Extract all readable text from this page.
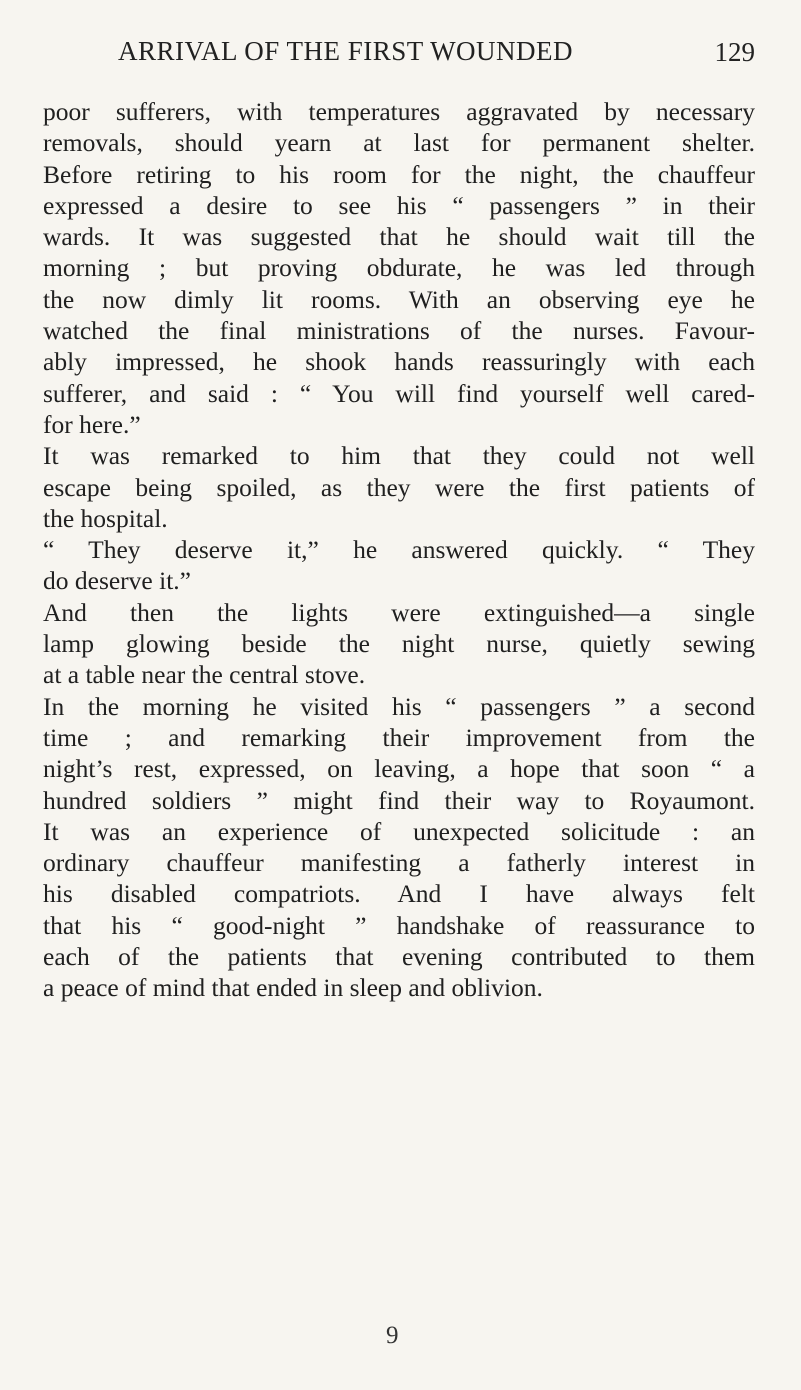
ARRIVAL OF THE FIRST WOUNDED	129
poor sufferers, with temperatures aggravated by necessary
removals, should yearn at last for permanent shelter.
Before retiring to his room for the night, the chauffeur
expressed a desire to see his “ passengers ” in their
wards. It was suggested that he should wait till the
morning ; but proving obdurate, he was led through
the now dimly lit rooms. With an observing eye he
watched the final ministrations of the nurses. Favour-
ably impressed, he shook hands reassuringly with each
sufferer, and said : “ You will find yourself well cared-
for here.”
It was remarked to him that they could not well
escape being spoiled, as they were the first patients of
the hospital.
“ They deserve it,” he answered quickly. “ They
do deserve it.”
And then the lights were extinguished—a single
lamp glowing beside the night nurse, quietly sewing
at a table near the central stove.
In the morning he visited his “ passengers ” a second
time ; and remarking their improvement from the
night’s rest, expressed, on leaving, a hope that soon “ a
hundred soldiers ” might find their way to Royaumont.
It was an experience of unexpected solicitude : an
ordinary chauffeur manifesting a fatherly interest in
his disabled compatriots. And I have always felt
that his “ good-night ” handshake of reassurance to
each of the patients that evening contributed to them
a peace of mind that ended in sleep and oblivion.
9
